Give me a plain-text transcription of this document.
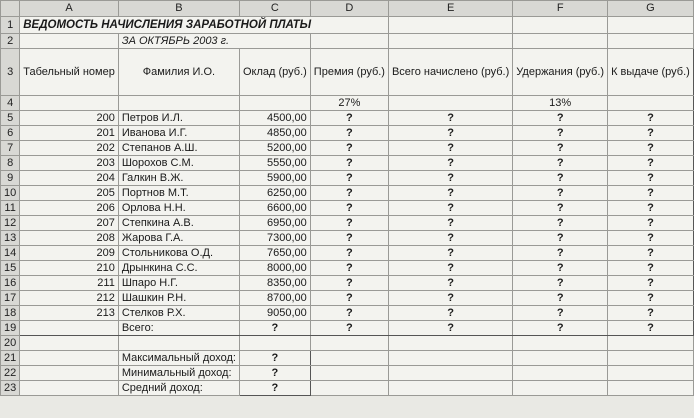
	A	B	C	D	E	F	G
1	ВЕДОМОСТЬ НАЧИСЛЕНИЯ ЗАРАБОТНОЙ ПЛАТЫ						
2		ЗА ОКТЯБРЬ 2003 г.					
3	Табельный номер	Фамилия И.О.	Оклад (руб.)	Премия (руб.)	Всего начислено (руб.)	Удержания (руб.)	К выдаче (руб.)
4				27%		13%	
5	200	Петров И.Л.	4500,00	?	?	?	?
6	201	Иванова И.Г.	4850,00	?	?	?	?
7	202	Степанов А.Ш.	5200,00	?	?	?	?
8	203	Шорохов С.М.	5550,00	?	?	?	?
9	204	Галкин В.Ж.	5900,00	?	?	?	?
10	205	Портнов М.Т.	6250,00	?	?	?	?
11	206	Орлова Н.Н.	6600,00	?	?	?	?
12	207	Степкина А.В.	6950,00	?	?	?	?
13	208	Жарова Г.А.	7300,00	?	?	?	?
14	209	Стольникова О.Д.	7650,00	?	?	?	?
15	210	Дрынкина С.С.	8000,00	?	?	?	?
16	211	Шпаро Н.Г.	8350,00	?	?	?	?
17	212	Шашкин Р.Н.	8700,00	?	?	?	?
18	213	Стелков Р.Х.	9050,00	?	?	?	?
19		Всего:	?	?	?	?	?
20							
21		Максимальный доход:	?				
22		Минимальный доход:	?				
23		Средний доход:	?				
